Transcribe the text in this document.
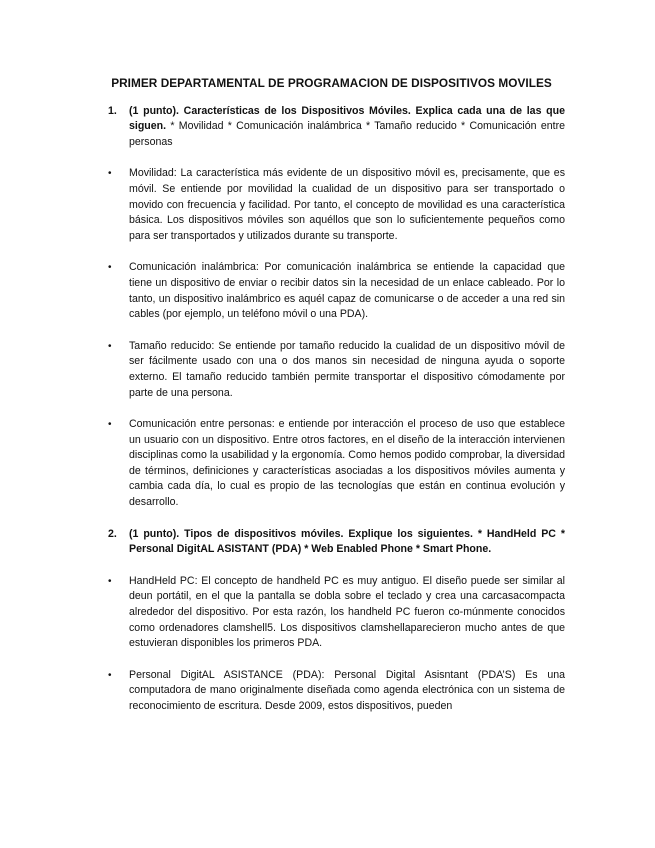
PRIMER DEPARTAMENTAL DE PROGRAMACION DE DISPOSITIVOS MOVILES
1.	(1 punto). Características de los Dispositivos Móviles. Explica cada una de las que siguen. * Movilidad * Comunicación inalámbrica * Tamaño reducido * Comunicación entre personas
•	Movilidad: La característica más evidente de un dispositivo móvil es, precisamente, que es móvil. Se entiende por movilidad la cualidad de un dispositivo para ser transportado o movido con frecuencia y facilidad. Por tanto, el concepto de movilidad es una característica básica. Los dispositivos móviles son aquéllos que son lo suficientemente pequeños como para ser transportados y utilizados durante su transporte.
•	Comunicación inalámbrica: Por comunicación inalámbrica se entiende la capacidad que tiene un dispositivo de enviar o recibir datos sin la necesidad de un enlace cableado. Por lo tanto, un dispositivo inalámbrico es aquél capaz de comunicarse o de acceder a una red sin cables (por ejemplo, un teléfono móvil o una PDA).
•	Tamaño reducido: Se entiende por tamaño reducido la cualidad de un dispositivo móvil de ser fácilmente usado con una o dos manos sin necesidad de ninguna ayuda o soporte externo. El tamaño reducido también permite transportar el dispositivo cómodamente por parte de una persona.
•	Comunicación entre personas: e entiende por interacción el proceso de uso que establece un usuario con un dispositivo. Entre otros factores, en el diseño de la interacción intervienen disciplinas como la usabilidad y la ergonomía. Como hemos podido comprobar, la diversidad de términos, definiciones y características asociadas a los dispositivos móviles aumenta y cambia cada día, lo cual es propio de las tecnologías que están en continua evolución y desarrollo.
2.	(1 punto). Tipos de dispositivos móviles. Explique los siguientes. * HandHeld PC * Personal DigitAL ASISTANT (PDA) * Web Enabled Phone * Smart Phone.
•	HandHeld PC: El concepto de handheld PC es muy antiguo. El diseño puede ser similar al deun portátil, en el que la pantalla se dobla sobre el teclado y crea una carcasacompacta alrededor del dispositivo. Por esta razón, los handheld PC fueron co-múnmente conocidos como ordenadores clamshell5. Los dispositivos clamshellaparecieron mucho antes de que estuvieran disponibles los primeros PDA.
•	Personal DigitAL ASISTANCE (PDA): Personal Digital Asisntant (PDA’S) Es una computadora de mano originalmente diseñada como agenda electrónica con un sistema de reconocimiento de escritura. Desde 2009, estos dispositivos, pueden
